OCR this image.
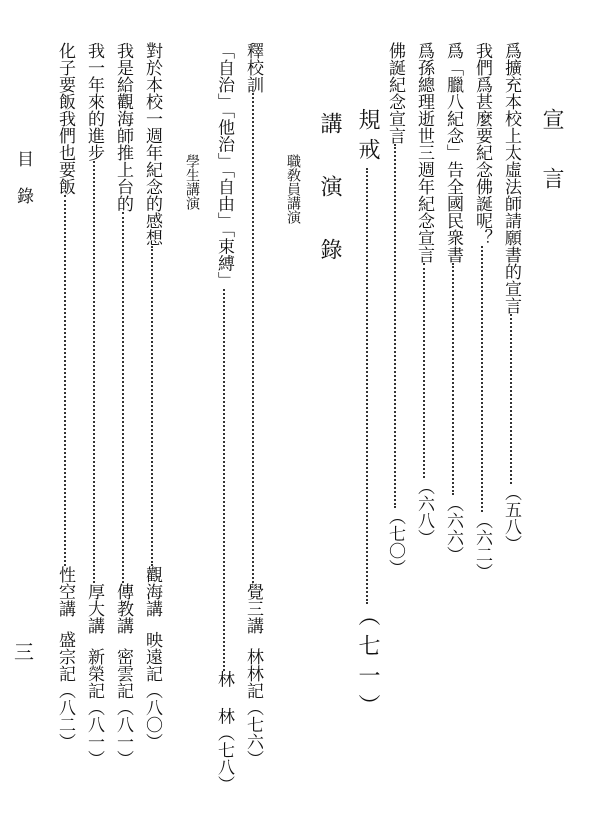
宣 言
爲擴充本校上太虛法師請願書的宣言（五八）
我們爲甚麼要紀念佛誕呢？（六二）
爲「臘八紀念」告全國民衆書（六六）
爲孫總理逝世三週年紀念宣言（六八）
佛誕紀念宣言（七〇）
規戒（七一）
講 演 錄
職敎員講演
釋校訓覺三講林林記（七六）
「自治」「他治」「自由」「束縛」林 林（七八）
學生講演
對於本校一週年紀念的感想觀海講映遠記（八〇）
我是給觀海師推上台的傳教講密雲記（八一）
我一年來的進步厚大講新榮記（八一）
化子要飯我們也要飯性空講盛宗記（八二）
目 錄
三
